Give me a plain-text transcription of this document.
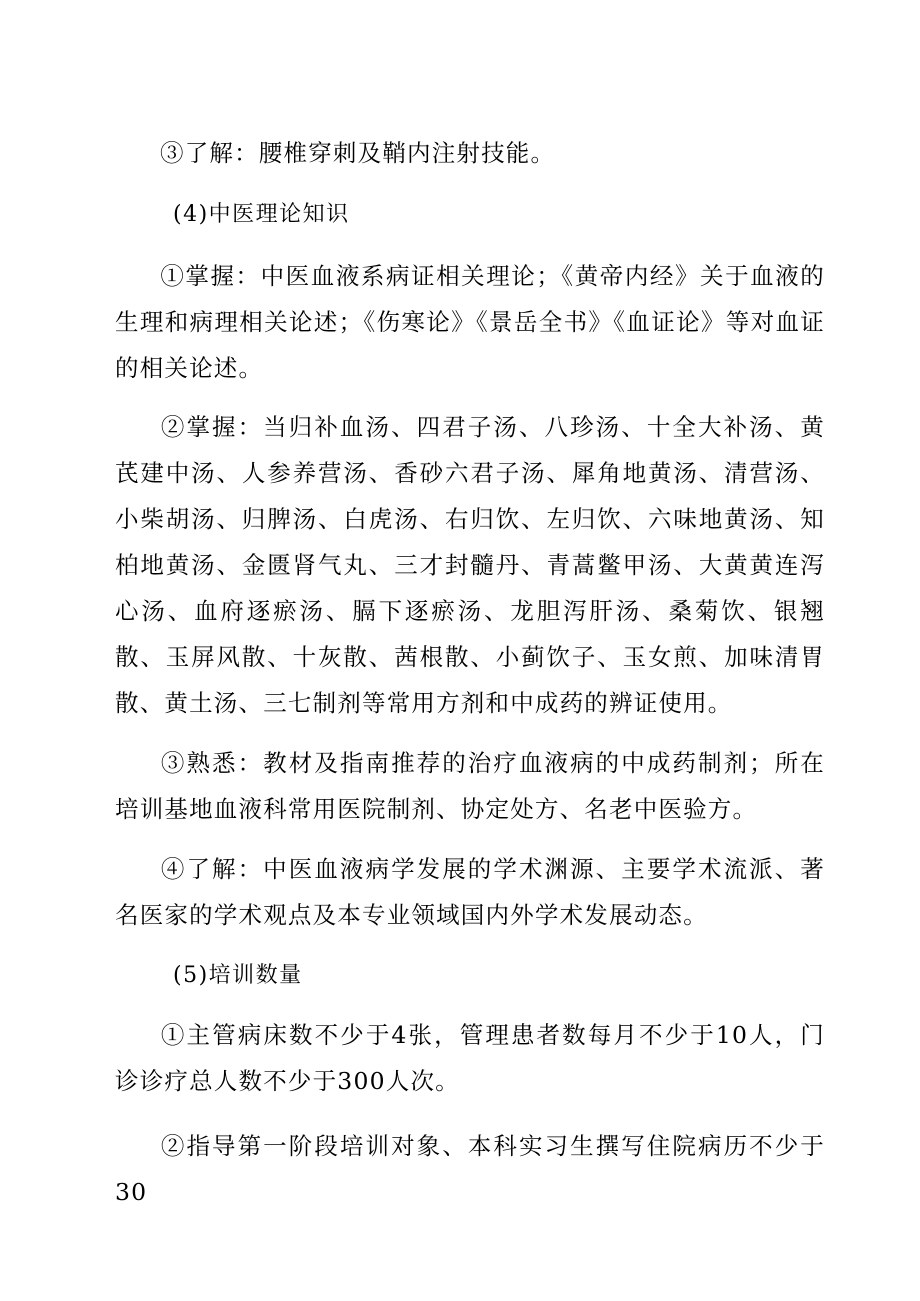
③了解：腰椎穿刺及鞘内注射技能。

(4)中医理论知识

①掌握：中医血液系病证相关理论；《黄帝内经》关于血液的生理和病理相关论述；《伤寒论》《景岳全书》《血证论》等对血证的相关论述。

②掌握：当归补血汤、四君子汤、八珍汤、十全大补汤、黄芪建中汤、人参养营汤、香砂六君子汤、犀角地黄汤、清营汤、小柴胡汤、归脾汤、白虎汤、右归饮、左归饮、六味地黄汤、知柏地黄汤、金匮肾气丸、三才封髓丹、青蒿鳖甲汤、大黄黄连泻心汤、血府逐瘀汤、膈下逐瘀汤、龙胆泻肝汤、桑菊饮、银翘散、玉屏风散、十灰散、茜根散、小蓟饮子、玉女煎、加味清胃散、黄土汤、三七制剂等常用方剂和中成药的辨证使用。

③熟悉：教材及指南推荐的治疗血液病的中成药制剂；所在培训基地血液科常用医院制剂、协定处方、名老中医验方。

④了解：中医血液病学发展的学术渊源、主要学术流派、著名医家的学术观点及本专业领域国内外学术发展动态。

(5)培训数量

①主管病床数不少于4张，管理患者数每月不少于10人，门诊诊疗总人数不少于300人次。

②指导第一阶段培训对象、本科实习生撰写住院病历不少于30
